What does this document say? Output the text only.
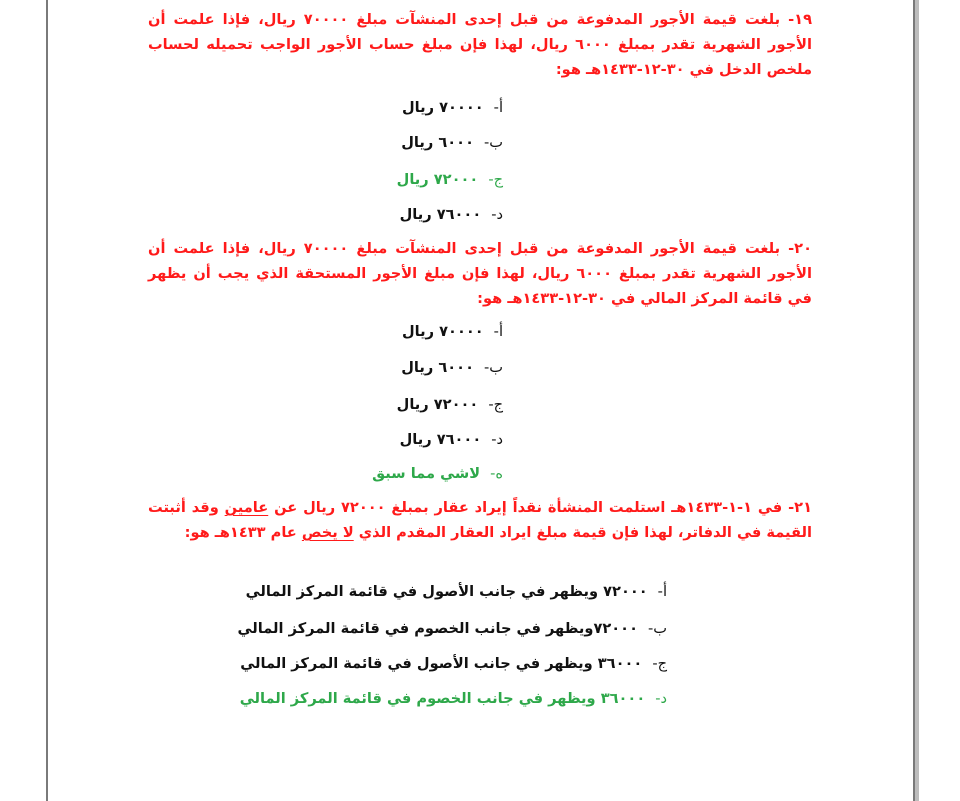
١٩- بلغت قيمة الأجور المدفوعة من قبل إحدى المنشآت مبلغ ٧٠٠٠٠ ريال، فإذا علمت أن الأجور الشهرية تقدر بمبلغ ٦٠٠٠ ريال، لهذا فإن مبلغ حساب الأجور الواجب تحميله لحساب ملخص الدخل في ٣٠-١٢-١٤٣٣هـ هو:
أ-٧٠٠٠٠ ريال
ب-٦٠٠٠ ريال
ج-٧٢٠٠٠ ريال
د-٧٦٠٠٠ ريال
٢٠- بلغت قيمة الأجور المدفوعة من قبل إحدى المنشآت مبلغ ٧٠٠٠٠ ريال، فإذا علمت أن الأجور الشهرية تقدر بمبلغ ٦٠٠٠ ريال، لهذا فإن مبلغ الأجور المستحقة الذي يجب أن يظهر في قائمة المركز المالي في ٣٠-١٢-١٤٣٣هـ هو:
أ-٧٠٠٠٠ ريال
ب-٦٠٠٠ ريال
ج-٧٢٠٠٠ ريال
د-٧٦٠٠٠ ريال
ه-لاشي مما سبق
٢١- في ١-١-١٤٣٣هـ استلمت المنشأة نقداً إيراد عقار بمبلغ ٧٢٠٠٠ ريال عن عامين وقد أثبتت القيمة في الدفاتر، لهذا فإن قيمة مبلغ ايراد العقار المقدم الذي لا يخص عام ١٤٣٣هـ هو:
أ-٧٢٠٠٠ ويظهر في جانب الأصول في قائمة المركز المالي
ب-٧٢٠٠٠ويظهر في جانب الخصوم في قائمة المركز المالي
ج-٣٦٠٠٠ ويظهر في جانب الأصول في قائمة المركز المالي
د-٣٦٠٠٠ ويظهر في جانب الخصوم في قائمة المركز المالي
